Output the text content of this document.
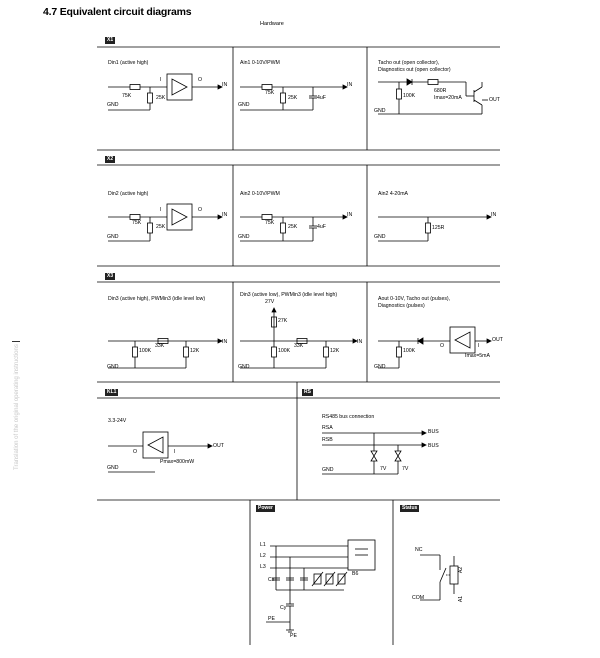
4.7 Equivalent circuit diagrams
Hardware
Translation of the original operating instructions
X1
X2
X3
KL1	RS
Power	Status
Din1 (active high)
75K	25K
I	O
IN
GND
Ain1 0-10V/PWM
75K
25K	4uF
IN
GND
Tacho out (open collector),
Diagnostics out (open collector)
100K
680R
Imax=20mA	OUT
GND
Din2 (active high)
75K
25K
I	O
IN
GND
Ain2 0-10V/PWM
75K
25K	4uF
IN
GND
Ain2 4-20mA
125R
IN
GND
Din3 (active high), PWMin3 (idle level low)
33K
100K	12K
IN
GND
Din3 (active low), PWMin3 (idle level high)
27V
27K
33K
100K	12K
IN
GND
Aout 0-10V, Tacho out (pulses),
Diagnostics (pulses)
100K
O	I
Imax=5mA
OUT
GND
3.3-24V
O	I
Pmax=800mW
OUT
GND
RS485 bus connection
RSA
RSB
BUS
BUS
7V	7V
GND
L1
L2
L3
Cx
Cy
B6
PE
PE
NC
COM
A2
A1
